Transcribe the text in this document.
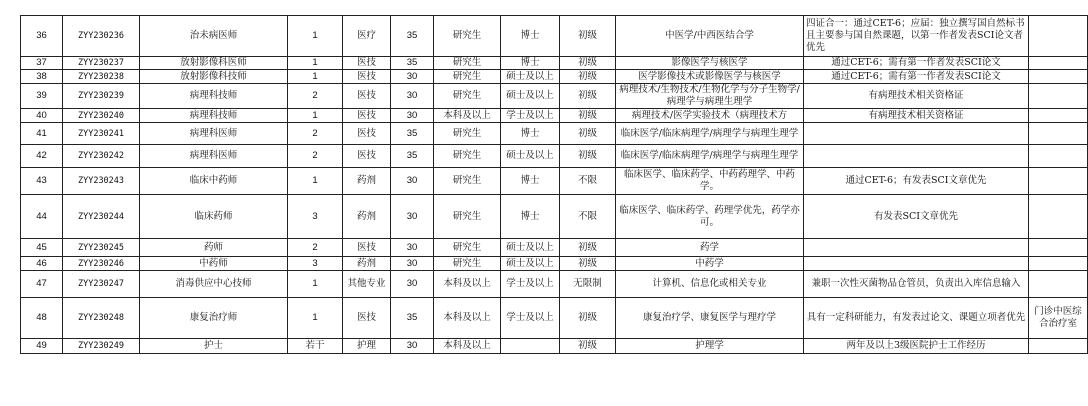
36	ZYY230236	治未病医师	1	医疗	35	研究生	博士	初级	中医学/中西医结合学	四证合一：通过CET-6；应届：独立撰写国自然标书且主要参与国自然课题，以第一作者发表SCI论文者优先	
37	ZYY230237	放射影像科医师	1	医技	35	研究生	博士	初级	影像医学与核医学	通过CET-6；需有第一作者发表SCI论文	
38	ZYY230238	放射影像科技师	1	医技	30	研究生	硕士及以上	初级	医学影像技术或影像医学与核医学	通过CET-6；需有第一作者发表SCI论文	
39	ZYY230239	病理科技师	2	医技	30	研究生	硕士及以上	初级	病理技术/生物技术/生物化学与分子生物学/病理学与病理生理学	有病理技术相关资格证	
40	ZYY230240	病理科技师	1	医技	30	本科及以上	学士及以上	初级	病理技术/医学实验技术（病理技术方	有病理技术相关资格证	
41	ZYY230241	病理科医师	2	医技	35	研究生	博士	初级	临床医学/临床病理学/病理学与病理生理学		
42	ZYY230242	病理科医师	2	医技	35	研究生	硕士及以上	初级	临床医学/临床病理学/病理学与病理生理学		
43	ZYY230243	临床中药师	1	药剂	30	研究生	博士	不限	临床医学、临床药学、中药药理学、中药学。	通过CET-6；有发表SCI文章优先	
44	ZYY230244	临床药师	3	药剂	30	研究生	博士	不限	临床医学、临床药学、药理学优先，药学亦可。	有发表SCI文章优先	
45	ZYY230245	药师	2	医技	30	研究生	硕士及以上	初级	药学		
46	ZYY230246	中药师	3	药剂	30	研究生	硕士及以上	初级	中药学		
47	ZYY230247	消毒供应中心技师	1	其他专业	30	本科及以上	学士及以上	无限制	计算机、信息化或相关专业	兼职一次性灭菌物品仓管员，负责出入库信息输入	
48	ZYY230248	康复治疗师	1	医技	35	本科及以上	学士及以上	初级	康复治疗学、康复医学与理疗学	具有一定科研能力，有发表过论文、课题立项者优先	门诊中医综合治疗室
49	ZYY230249	护士	若干	护理	30	本科及以上		初级	护理学	两年及以上3级医院护士工作经历	
